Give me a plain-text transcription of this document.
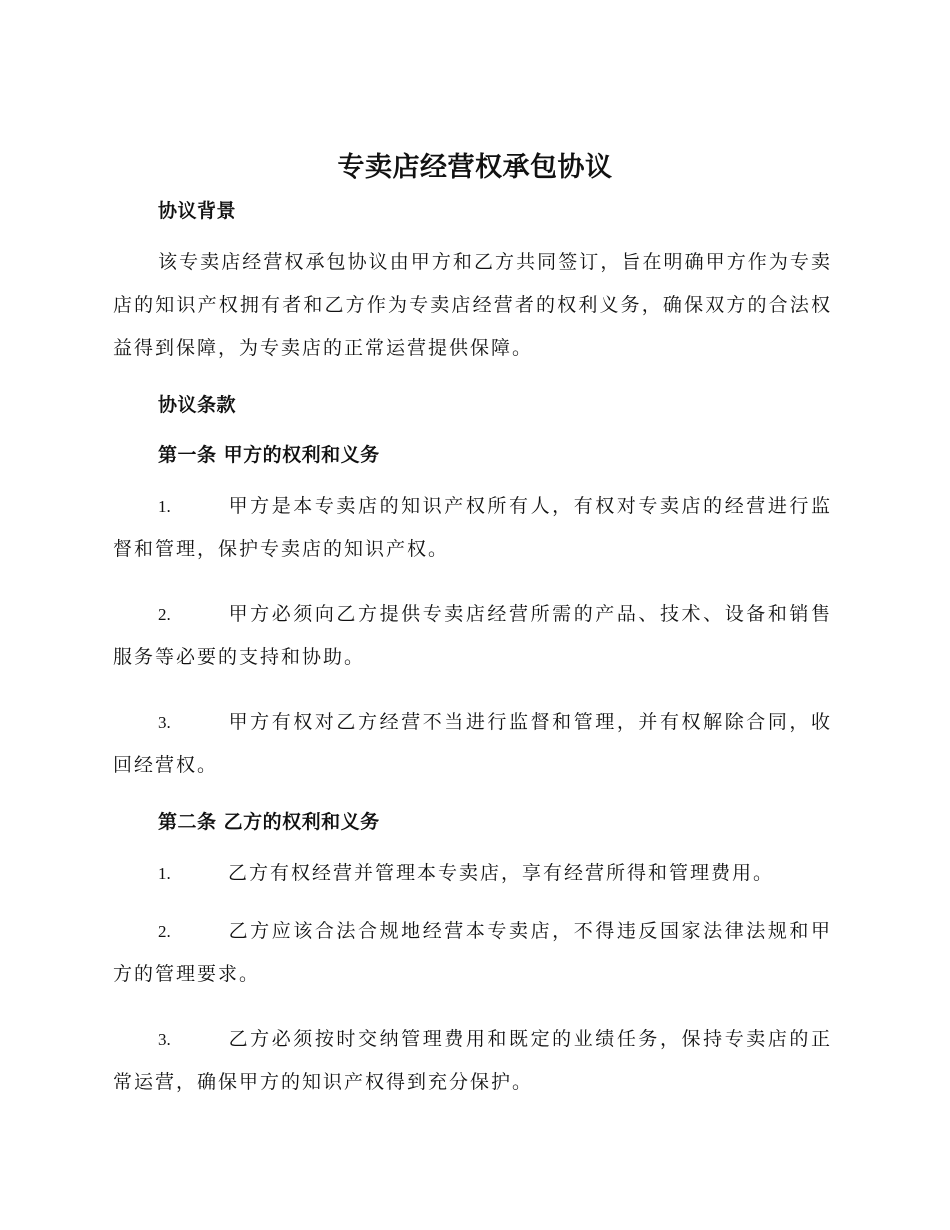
专卖店经营权承包协议

协议背景

该专卖店经营权承包协议由甲方和乙方共同签订，旨在明确甲方作为专卖店的知识产权拥有者和乙方作为专卖店经营者的权利义务，确保双方的合法权益得到保障，为专卖店的正常运营提供保障。

协议条款

第一条 甲方的权利和义务

1.	甲方是本专卖店的知识产权所有人，有权对专卖店的经营进行监督和管理，保护专卖店的知识产权。

2.	甲方必须向乙方提供专卖店经营所需的产品、技术、设备和销售服务等必要的支持和协助。

3.	甲方有权对乙方经营不当进行监督和管理，并有权解除合同，收回经营权。

第二条 乙方的权利和义务

1.	乙方有权经营并管理本专卖店，享有经营所得和管理费用。

2.	乙方应该合法合规地经营本专卖店，不得违反国家法律法规和甲方的管理要求。

3.	乙方必须按时交纳管理费用和既定的业绩任务，保持专卖店的正常运营，确保甲方的知识产权得到充分保护。
